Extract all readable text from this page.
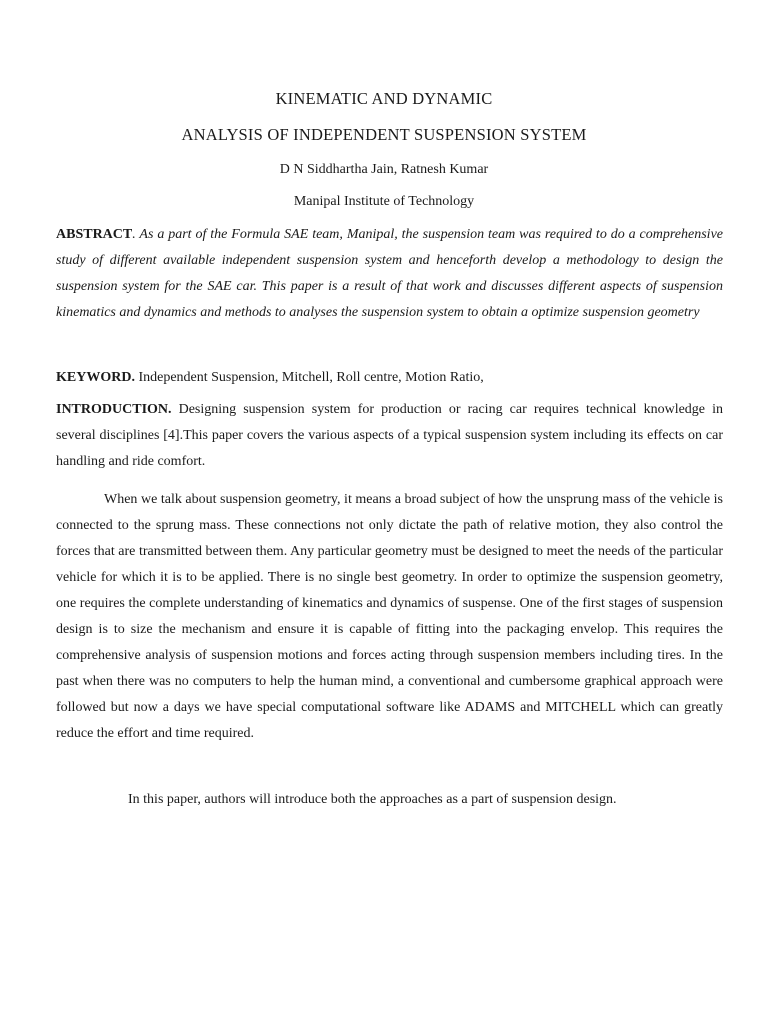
KINEMATIC AND DYNAMIC

ANALYSIS OF INDEPENDENT SUSPENSION SYSTEM

D N Siddhartha Jain, Ratnesh Kumar

Manipal Institute of Technology

ABSTRACT. As a part of the Formula SAE team, Manipal, the suspension team was required to do a comprehensive study of different available independent suspension system and henceforth develop a methodology to design the suspension system for the SAE car. This paper is a result of that work and discusses different aspects of suspension kinematics and dynamics and methods to analyses the suspension system to obtain a optimize suspension geometry

KEYWORD. Independent Suspension, Mitchell, Roll centre, Motion Ratio,

INTRODUCTION. Designing suspension system for production or racing car requires technical knowledge in several disciplines [4].This paper covers the various aspects of a typical suspension system including its effects on car handling and ride comfort.

When we talk about suspension geometry, it means a broad subject of how the unsprung mass of the vehicle is connected to the sprung mass. These connections not only dictate the path of relative motion, they also control the forces that are transmitted between them. Any particular geometry must be designed to meet the needs of the particular vehicle for which it is to be applied. There is no single best geometry. In order to optimize the suspension geometry, one requires the complete understanding of kinematics and dynamics of suspense. One of the first stages of suspension design is to size the mechanism and ensure it is capable of fitting into the packaging envelop. This requires the comprehensive analysis of suspension motions and forces acting through suspension members including tires. In the past when there was no computers to help the human mind, a conventional and cumbersome graphical approach were followed but now a days we have special computational software like ADAMS and MITCHELL which can greatly reduce the effort and time required.

In this paper, authors will introduce both the approaches as a part of suspension design.
